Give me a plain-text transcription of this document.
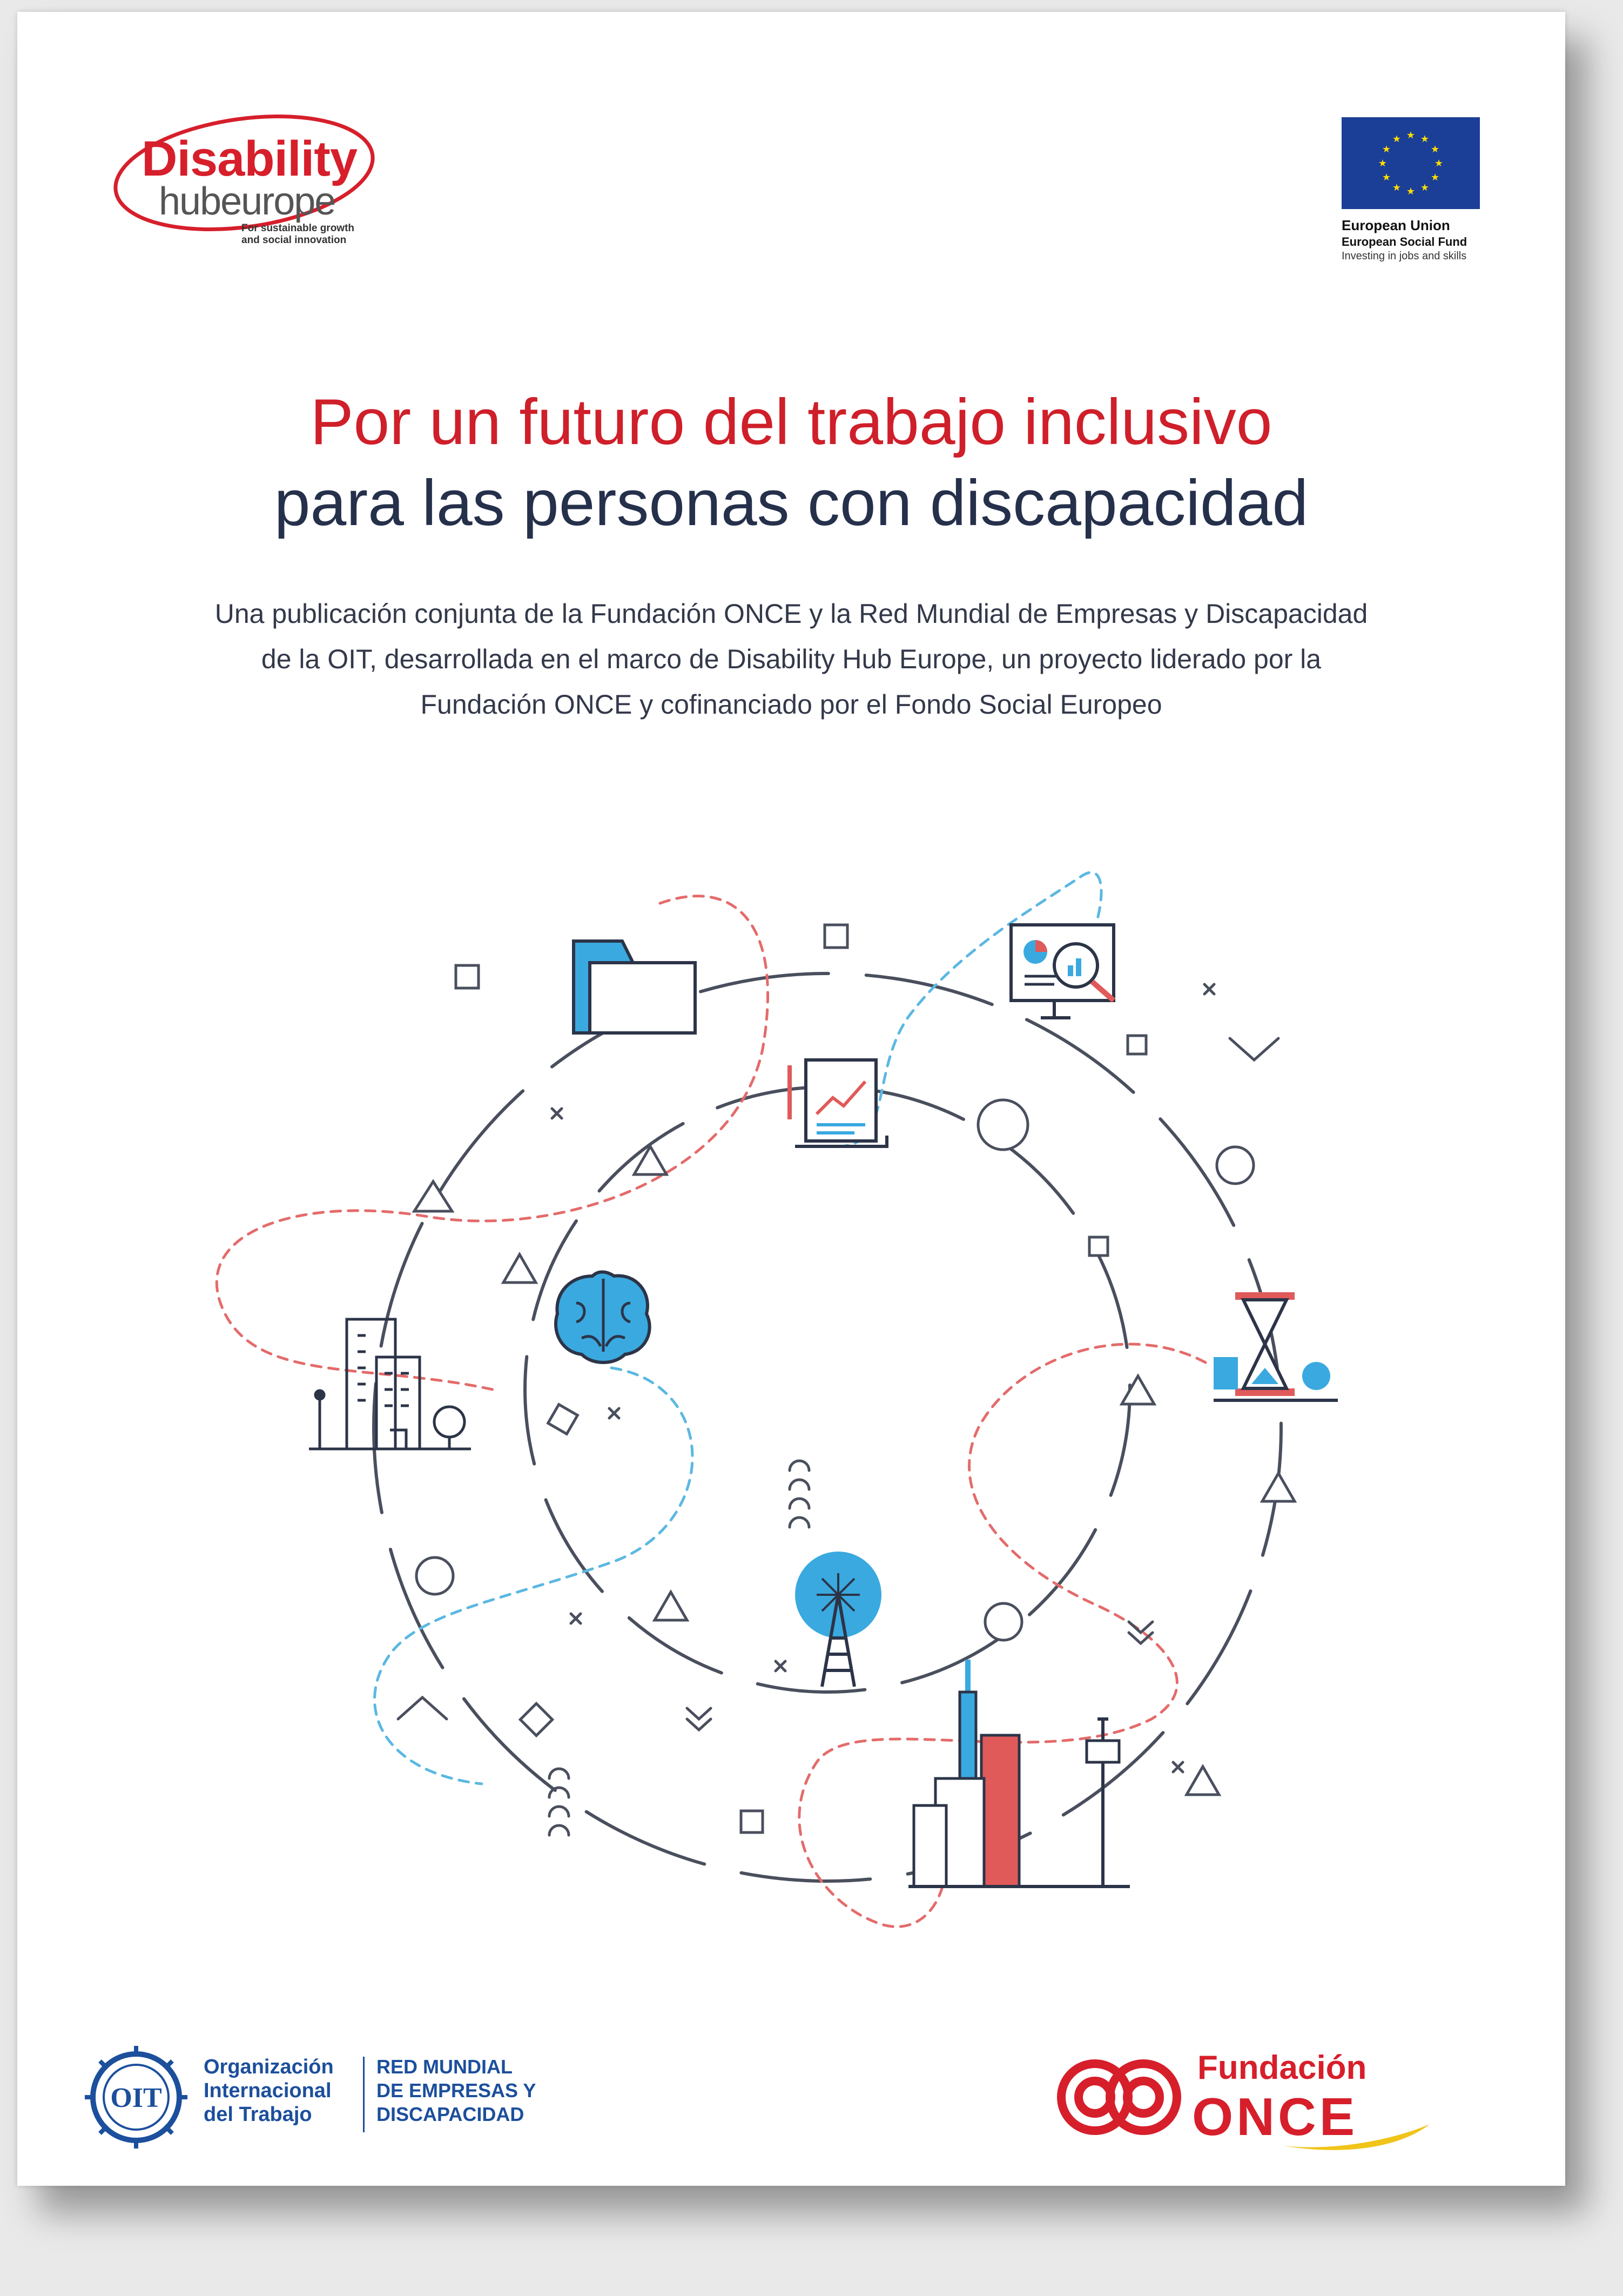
Disability
hubeurope
For sustainable growth
and social innovation
★ ★
★
★
★
★
★
★
★
★
★
★
European Union
European Social Fund
Investing in jobs and skills
Por un futuro del trabajo inclusivo
para las personas con discapacidad
Una publicación conjunta de la Fundación ONCE y la Red Mundial de Empresas y Discapacidad
de la OIT, desarrollada en el marco de Disability Hub Europe, un proyecto liderado por la
Fundación ONCE y cofinanciado por el Fondo Social Europeo
OIT
Organización
Internacional
del Trabajo
RED MUNDIAL
DE EMPRESAS Y
DISCAPACIDAD
Fundación
ONCE
